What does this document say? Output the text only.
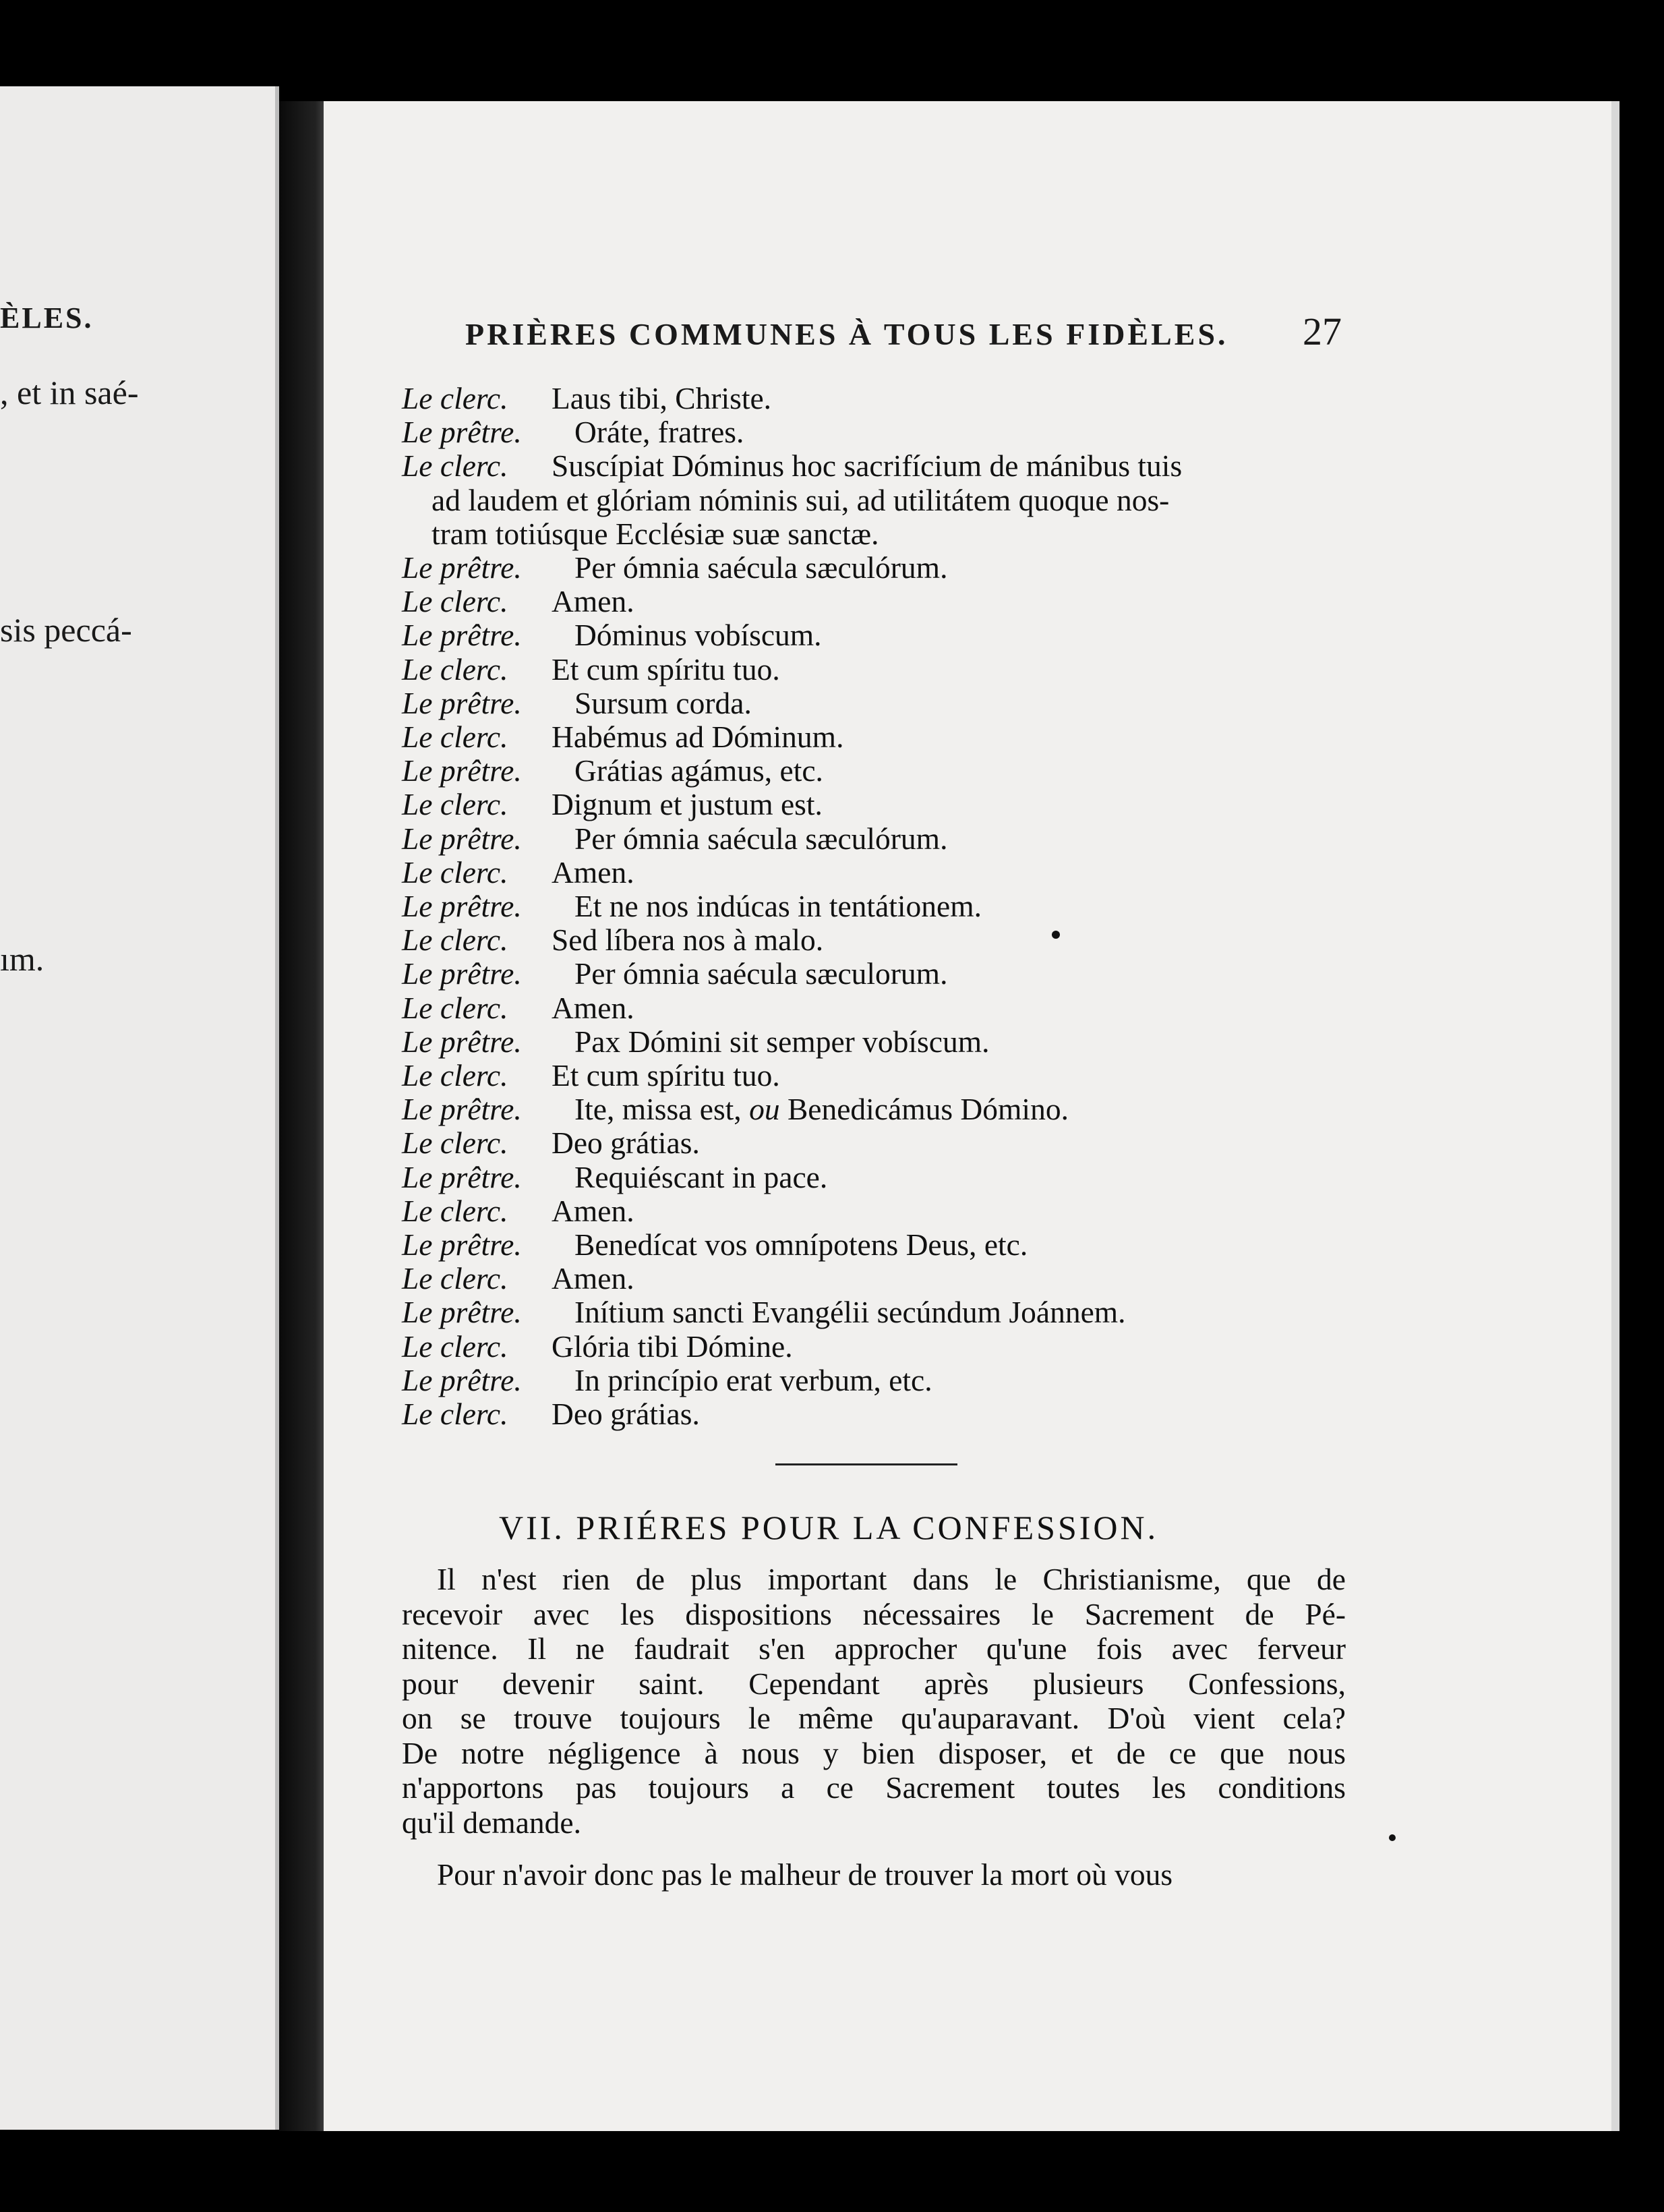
ÈLES.
, et in saé-
sis peccá-
ım.
PRIÈRES COMMUNES À TOUS LES FIDÈLES. 27
Le clerc.	Laus tibi, Christe.
Le prêtre.	Oráte, fratres.
Le clerc.	Suscípiat Dóminus hoc sacrifícium de mánibus tuis
ad laudem et glóriam nóminis sui, ad utilitátem quoque nos-
tram totiúsque Ecclésiæ suæ sanctæ.
Le prêtre.	Per ómnia saécula sæculórum.
Le clerc.	Amen.
Le prêtre.	Dóminus vobíscum.
Le clerc.	Et cum spíritu tuo.
Le prêtre.	Sursum corda.
Le clerc.	Habémus ad Dóminum.
Le prêtre.	Grátias agámus, etc.
Le clerc.	Dignum et justum est.
Le prêtre.	Per ómnia saécula sæculórum.
Le clerc.	Amen.
Le prêtre.	Et ne nos indúcas in tentátionem.
Le clerc.	Sed líbera nos à malo.
Le prêtre.	Per ómnia saécula sæculorum.
Le clerc.	Amen.
Le prêtre.	Pax Dómini sit semper vobíscum.
Le clerc.	Et cum spíritu tuo.
Le prêtre.	Ite, missa est, ou Benedicámus Dómino.
Le clerc.	Deo grátias.
Le prêtre.	Requiéscant in pace.
Le clerc.	Amen.
Le prêtre.	Benedícat vos omnípotens Deus, etc.
Le clerc.	Amen.
Le prêtre.	Inítium sancti Evangélii secúndum Joánnem.
Le clerc.	Glória tibi Dómine.
Le prêtre.	In princípio erat verbum, etc.
Le clerc.	Deo grátias.
VII. PRIÉRES POUR LA CONFESSION.
Il n'est rien de plus important dans le Christianisme, que de
recevoir avec les dispositions nécessaires le Sacrement de Pé-
nitence. Il ne faudrait s'en approcher qu'une fois avec ferveur
pour devenir saint. Cependant après plusieurs Confessions,
on se trouve toujours le même qu'auparavant. D'où vient cela?
De notre négligence à nous y bien disposer, et de ce que nous
n'apportons pas toujours a ce Sacrement toutes les conditions
qu'il demande.
Pour n'avoir donc pas le malheur de trouver la mort où vous
